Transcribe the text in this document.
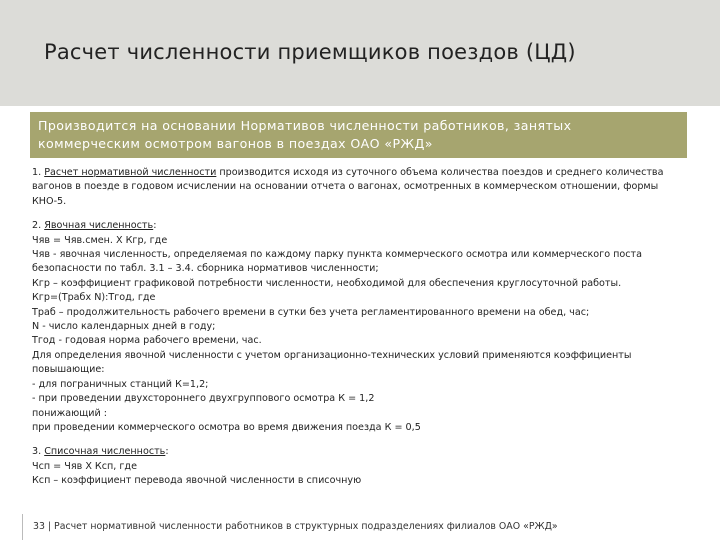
Расчет численности приемщиков поездов (ЦД)
Производится на основании Нормативов численности работников, занятых
коммерческим осмотром вагонов в поездах ОАО «РЖД»
1. Расчет нормативной численности производится исходя из суточного объема количества поездов и среднего количества
вагонов в поезде в годовом исчислении на основании отчета о вагонах, осмотренных в коммерческом отношении, формы
КНО-5.
2. Явочная численность:
Чяв = Чяв.смен. Х Кгр, где
Чяв - явочная численность, определяемая по каждому парку пункта коммерческого осмотра или коммерческого поста
безопасности по табл. 3.1 – 3.4. сборника нормативов численности;
Кгр – коэффициент графиковой потребности численности, необходимой для обеспечения круглосуточной работы.
Кгр=(Трабх N):Тгод, где
Траб – продолжительность рабочего времени в сутки без учета регламентированного времени на обед, час;
N - число календарных дней в году;
Тгод - годовая норма рабочего времени, час.
Для определения явочной численности с учетом организационно-технических условий применяются коэффициенты
повышающие:
- для пограничных станций К=1,2;
- при проведении двухстороннего двухгруппового осмотра К = 1,2
понижающий :
при проведении коммерческого осмотра во время движения поезда К = 0,5
3. Списочная численность:
Чсп = Чяв Х Ксп, где
Ксп – коэффициент перевода явочной численности в списочную
33 | Расчет нормативной численности работников в структурных подразделениях филиалов ОАО «РЖД»
